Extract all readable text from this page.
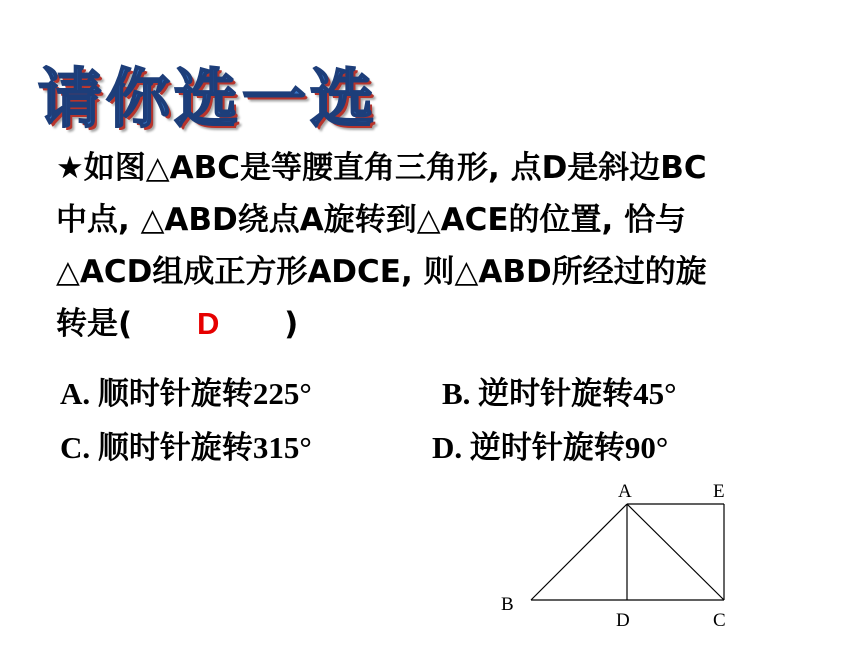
请你选一选
★如图△ABC是等腰直角三角形, 点D是斜边BC
中点, △ABD绕点A旋转到△ACE的位置, 恰与
△ACD组成正方形ADCE, 则△ABD所经过的旋
转是( D )
A. 顺时针旋转225°	B. 逆时针旋转45°
C. 顺时针旋转315°	D. 逆时针旋转90°
A	E
B
D	C
